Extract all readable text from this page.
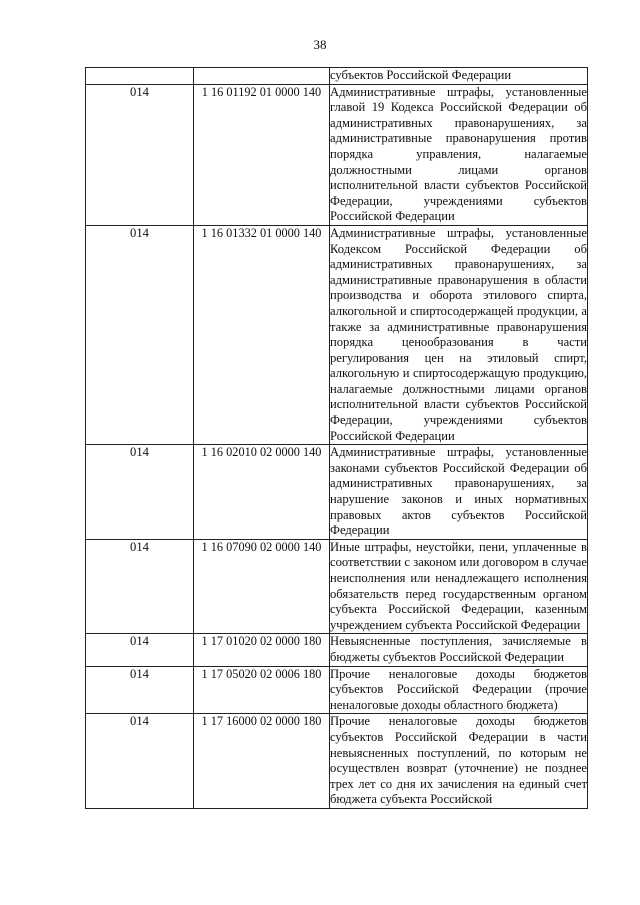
38
		субъектов Российской Федерации
014	1 16 01192 01 0000 140	Административные штрафы, установленные главой 19 Кодекса Российской Федерации об административных правонарушениях, за административные правонарушения против порядка управления, налагаемые должностными лицами органов исполнительной власти субъектов Российской Федерации, учреждениями субъектов Российской Федерации
014	1 16 01332 01 0000 140	Административные штрафы, установленные Кодексом Российской Федерации об административных правонарушениях, за административные правонарушения в области производства и оборота этилового спирта, алкогольной и спиртосодержащей продукции, а также за административные правонарушения порядка ценообразования в части регулирования цен на этиловый спирт, алкогольную и спиртосодержащую продукцию, налагаемые должностными лицами органов исполнительной власти субъектов Российской Федерации, учреждениями субъектов Российской Федерации
014	1 16 02010 02 0000 140	Административные штрафы, установленные законами субъектов Российской Федерации об административных правонарушениях, за нарушение законов и иных нормативных правовых актов субъектов Российской Федерации
014	1 16 07090 02 0000 140	Иные штрафы, неустойки, пени, уплаченные в соответствии с законом или договором в случае неисполнения или ненадлежащего исполнения обязательств перед государственным органом субъекта Российской Федерации, казенным учреждением субъекта Российской Федерации
014	1 17 01020 02 0000 180	Невыясненные поступления, зачисляемые в бюджеты субъектов Российской Федерации
014	1 17 05020 02 0006 180	Прочие неналоговые доходы бюджетов субъектов Российской Федерации (прочие неналоговые доходы областного бюджета)
014	1 17 16000 02 0000 180	Прочие неналоговые доходы бюджетов субъектов Российской Федерации в части невыясненных поступлений, по которым не осуществлен возврат (уточнение) не позднее трех лет со дня их зачисления на единый счет бюджета субъекта Российской
